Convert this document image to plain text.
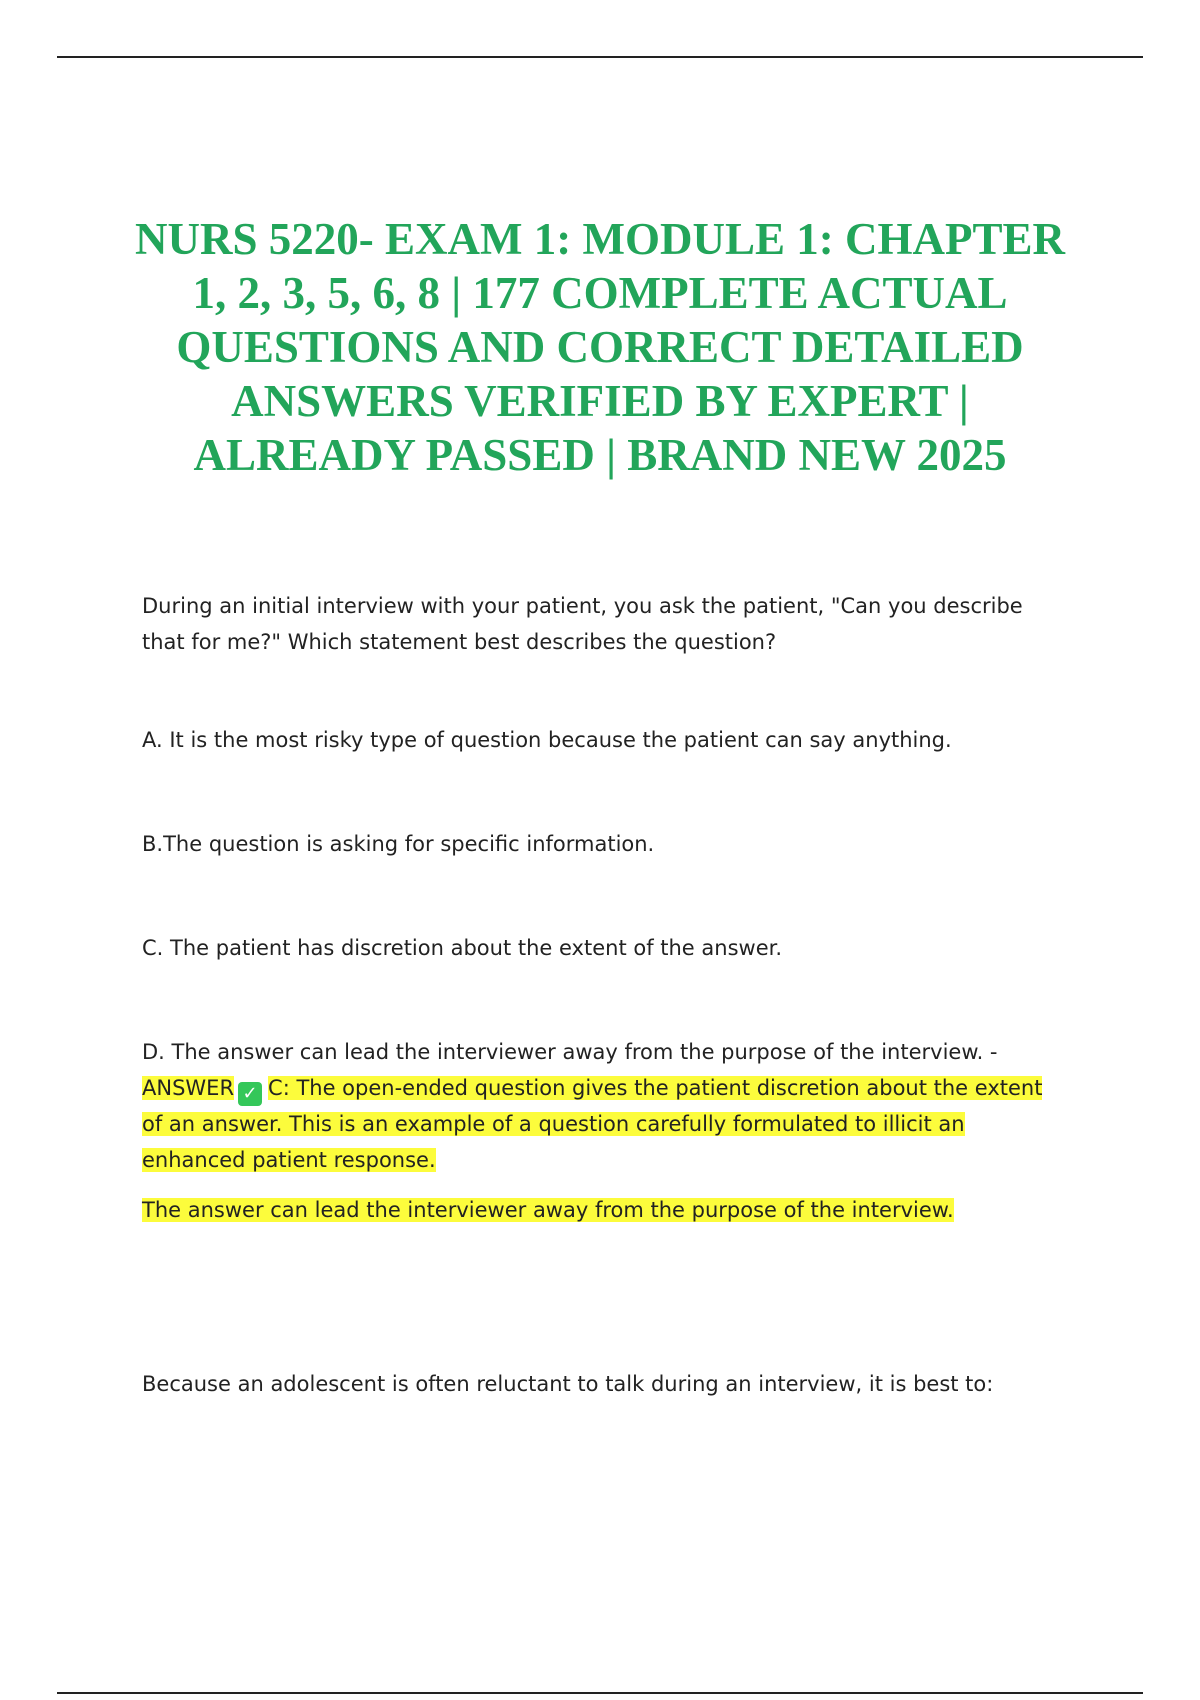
NURS 5220- EXAM 1: MODULE 1: CHAPTER 1, 2, 3, 5, 6, 8 | 177 COMPLETE ACTUAL QUESTIONS AND CORRECT DETAILED ANSWERS VERIFIED BY EXPERT | ALREADY PASSED | BRAND NEW 2025

During an initial interview with your patient, you ask the patient, "Can you describe that for me?" Which statement best describes the question?

A. It is the most risky type of question because the patient can say anything.

B.The question is asking for specific information.

C. The patient has discretion about the extent of the answer.

D. The answer can lead the interviewer away from the purpose of the interview. - ANSWER ✓ C: The open-ended question gives the patient discretion about the extent of an answer. This is an example of a question carefully formulated to illicit an enhanced patient response.

The answer can lead the interviewer away from the purpose of the interview.

Because an adolescent is often reluctant to talk during an interview, it is best to:
